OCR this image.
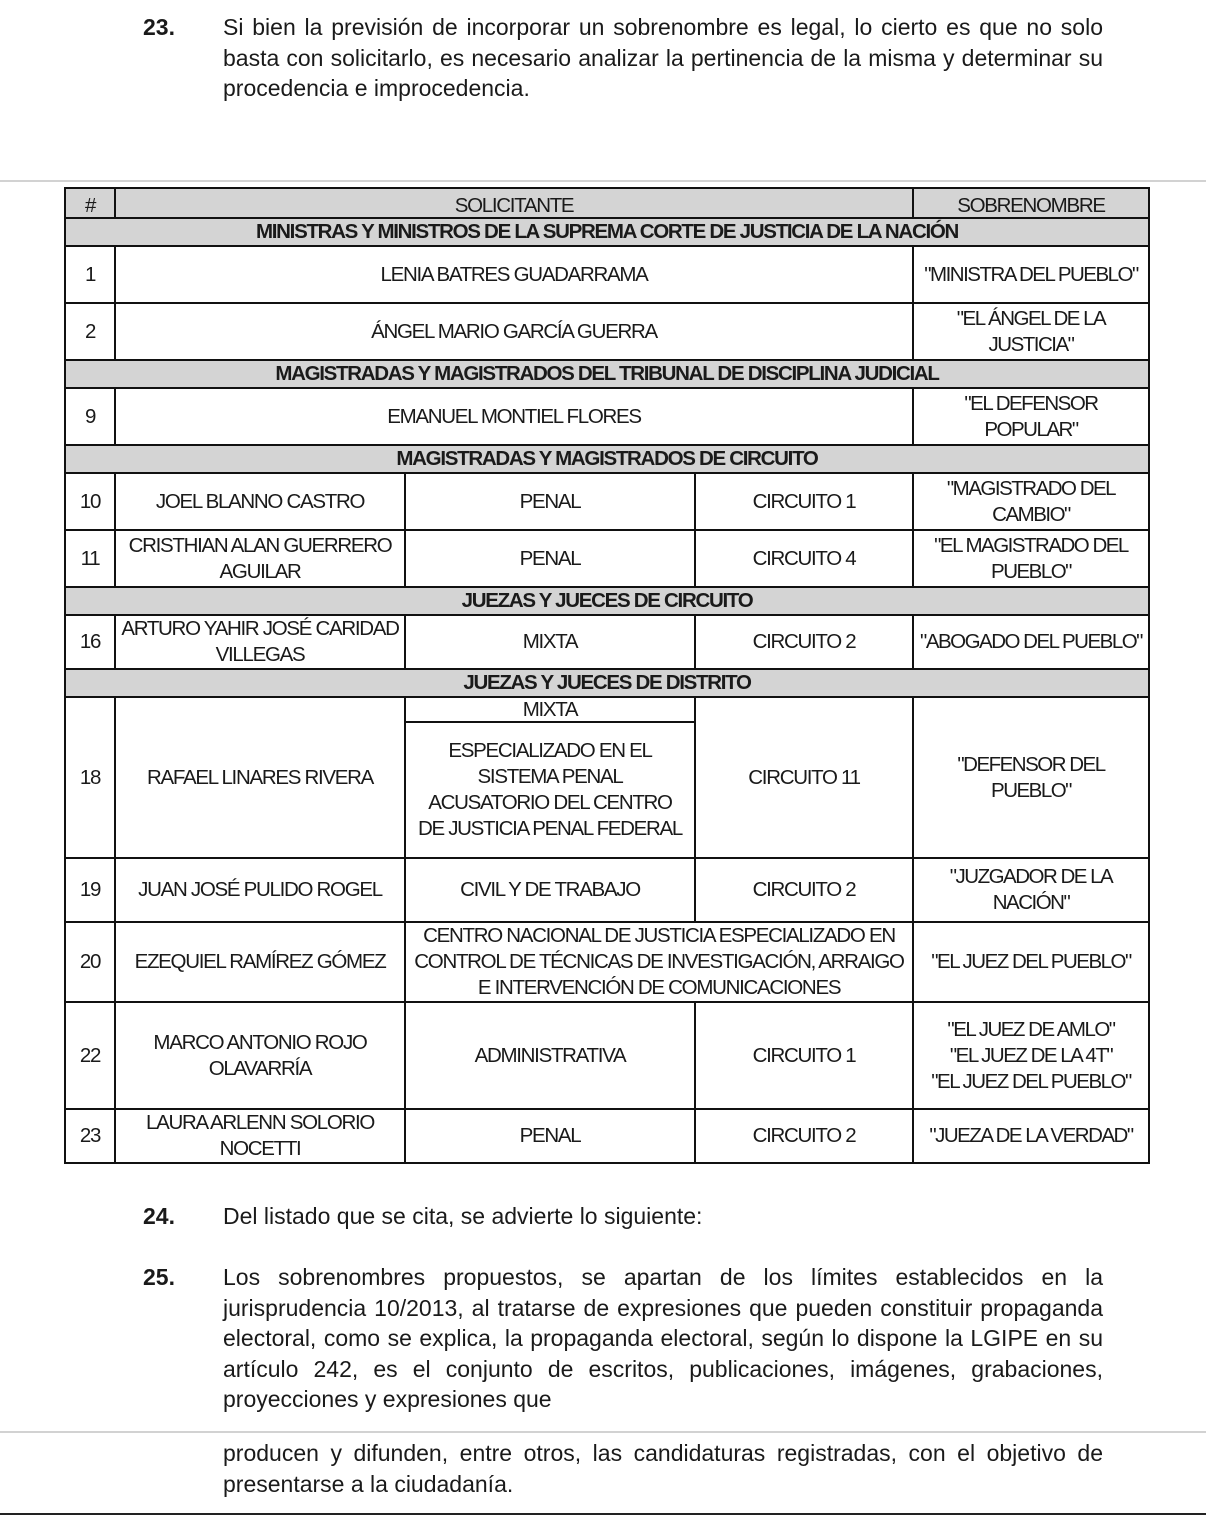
23. Si bien la previsión de incorporar un sobrenombre es legal, lo cierto es que no solo basta con solicitarlo, es necesario analizar la pertinencia de la misma y determinar su procedencia e improcedencia.
#	SOLICITANTE			SOBRENOMBRE
MINISTRAS Y MINISTROS DE LA SUPREMA CORTE DE JUSTICIA DE LA NACIÓN				
1	LENIA BATRES GUADARRAMA			"MINISTRA DEL PUEBLO"
2	ÁNGEL MARIO GARCÍA GUERRA			"EL ÁNGEL DE LA JUSTICIA"
MAGISTRADAS Y MAGISTRADOS DEL TRIBUNAL DE DISCIPLINA JUDICIAL				
9	EMANUEL MONTIEL FLORES			"EL DEFENSOR POPULAR"
MAGISTRADAS Y MAGISTRADOS DE CIRCUITO				
10	JOEL BLANNO CASTRO	PENAL	CIRCUITO 1	"MAGISTRADO DEL CAMBIO"
11	CRISTHIAN ALAN GUERRERO AGUILAR	PENAL	CIRCUITO 4	"EL MAGISTRADO DEL PUEBLO"
JUEZAS Y JUECES DE CIRCUITO				
16	ARTURO YAHIR JOSÉ CARIDAD VILLEGAS	MIXTA	CIRCUITO 2	"ABOGADO DEL PUEBLO"
JUEZAS Y JUECES DE DISTRITO				
18	RAFAEL LINARES RIVERA	MIXTA	CIRCUITO 11	"DEFENSOR DEL PUEBLO"
		ESPECIALIZADO EN EL SISTEMA PENAL ACUSATORIO DEL CENTRO DE JUSTICIA PENAL FEDERAL		
19	JUAN JOSÉ PULIDO ROGEL	CIVIL Y DE TRABAJO	CIRCUITO 2	"JUZGADOR DE LA NACIÓN"
20	EZEQUIEL RAMÍREZ GÓMEZ	CENTRO NACIONAL DE JUSTICIA ESPECIALIZADO EN CONTROL DE TÉCNICAS DE INVESTIGACIÓN, ARRAIGO E INTERVENCIÓN DE COMUNICACIONES		"EL JUEZ DEL PUEBLO"
22	MARCO ANTONIO ROJO OLAVARRÍA	ADMINISTRATIVA	CIRCUITO 1	"EL JUEZ DE AMLO"
"EL JUEZ DE LA 4T"
"EL JUEZ DEL PUEBLO"

23	LAURA ARLENN SOLORIO NOCETTI	PENAL	CIRCUITO 2	"JUEZA DE LA VERDAD"
24. Del listado que se cita, se advierte lo siguiente:
25. Los sobrenombres propuestos, se apartan de los límites establecidos en la jurisprudencia 10/2013, al tratarse de expresiones que pueden constituir propaganda electoral, como se explica, la propaganda electoral, según lo dispone la LGIPE en su artículo 242, es el conjunto de escritos, publicaciones, imágenes, grabaciones, proyecciones y expresiones que
producen y difunden, entre otros, las candidaturas registradas, con el objetivo de presentarse a la ciudadanía.
